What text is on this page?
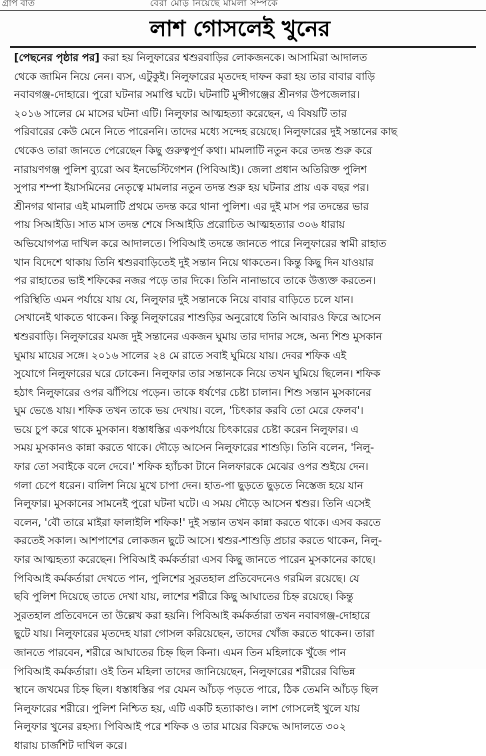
গ্রাপ বার্ত	বেরা মোড় নিয়েছে মামলা সম্পর্কে
লাশ গোসলেই খুনের
[পেছনের পৃষ্ঠার পর] করা হয় নিলুফারের শ্বশুরবাড়ির লোকজনকে। আসামিরা আদালত
থেকে জামিন নিয়ে নেন। ব্যস, এটুকুই। নিলুফারের মৃতদেহ দাফন করা হয় তার বাবার বাড়ি
নবাবগঞ্জ-দোহারে। পুরো ঘটনার সমাপ্তি ঘটে। ঘটনাটি মুন্সীগঞ্জের শ্রীনগর উপজেলার।
২০১৬ সালের মে মাসের ঘটনা এটি। নিলুফার আত্মহত্যা করেছেন, এ বিষয়টি তার
পরিবারের কেউ মেনে নিতে পারেননি। তাদের মধ্যে সন্দেহ রয়েছে। নিলুফারের দুই সন্তানের কাছ
থেকেও তারা জানতে পেরেছেন কিছু গুরুত্বপূর্ণ কথা। মামলাটি নতুন করে তদন্ত শুরু করে
নারায়ণগঞ্জ পুলিশ ব্যুরো অব ইনভেস্টিগেশন (পিবিআই)। জেলা প্রধান অতিরিক্ত পুলিশ
সুপার শম্পা ইয়াসমিনের নেতৃত্বে মামলার নতুন তদন্ত শুরু হয় ঘটনার প্রায় এক বছর পর।
শ্রীনগর থানার এই মামলাটি প্রথমে তদন্ত করে থানা পুলিশ। এর দুই মাস পর তদন্তের ভার
পায় সিআইডি। সাত মাস তদন্ত শেষে সিআইডি প্ররোচিত আত্মহত্যার ৩০৬ ধারায়
অভিযোগপত্র দাখিল করে আদালতে। পিবিআই তদন্তে জানতে পারে নিলুফারের স্বামী রাহাত
খান বিদেশে থাকায় তিনি শ্বশুরবাড়িতেই দুই সন্তান নিয়ে থাকতেন। কিন্তু কিছু দিন যাওয়ার
পর রাহাতের ভাই শফিকের নজর পড়ে তার দিকে। তিনি নানাভাবে তাকে উত্ত্যক্ত করতেন।
পরিস্থিতি এমন পর্যায়ে যায় যে, নিলুফার দুই সন্তানকে নিয়ে বাবার বাড়িতে চলে যান।
সেখানেই থাকতে থাকেন। কিন্তু নিলুফারের শাশুড়ির অনুরোধে তিনি আবারও ফিরে আসেন
শ্বশুরবাড়ি। নিলুফারের যমজ দুই সন্তানের একজন ঘুমায় তার দাদার সঙ্গে, অন্য শিশু মুসকান
ঘুমায় মায়ের সঙ্গে। ২০১৬ সালের ২৪ মে রাতে সবাই ঘুমিয়ে যায়। দেবর শফিক এই
সুযোগে নিলুফারের ঘরে ঢোকেন। নিলুফার তার সন্তানকে নিয়ে তখন ঘুমিয়ে ছিলেন। শফিক
হঠাৎ নিলুফারের ওপর ঝাঁপিয়ে পড়েন। তাকে ধর্ষণের চেষ্টা চালান। শিশু সন্তান মুসকানের
ঘুম ভেঙে যায়। শফিক তখন তাকে ভয় দেখায়। বলে, 'চিৎকার করবি তো মেরে ফেলব'।
ভয়ে চুপ করে থাকে মুসকান। ধস্তাধস্তির একপর্যায়ে চিৎকারের চেষ্টা করেন নিলুফার। এ
সময় মুসকানও কান্না করতে থাকে। দৌড়ে আসেন নিলুফারের শাশুড়ি। তিনি বলেন, 'নিলু-
ফার তো সবাইকে বলে দেবে।' শফিক হ্যাঁচকা টানে নিলফারকে মেঝের ওপর শুইয়ে দেন।
গলা চেপে ধরেন। বালিশ নিয়ে মুখে চাপা দেন। হাত-পা ছুড়তে ছুড়তে নিস্তেজ হয়ে যান
নিলুফার। মুসকানের সামনেই পুরো ঘটনা ঘটে। এ সময় দৌড়ে আসেন শ্বশুর। তিনি এসেই
বলেন, 'বৌ তারে মাইরা ফালাইলি শফিক!' দুই সন্তান তখন কান্না করতে থাকে। এসব করতে
করতেই সকাল। আশপাশের লোকজন ছুটে আসে। শ্বশুর-শাশুড়ি প্রচার করতে থাকেন, নিলু-
ফার আত্মহত্যা করেছেন। পিবিআই কর্মকর্তারা এসব কিছু জানতে পারেন মুসকানের কাছে।
পিবিআই কর্মকর্তারা দেখতে পান, পুলিশের সুরতহাল প্রতিবেদনেও গরমিল রয়েছে। যে
ছবি পুলিশ দিয়েছে তাতে দেখা যায়, লাশের শরীরে কিছু আঘাতের চিহ্ন রয়েছে। কিন্তু
সুরতহাল প্রতিবেদনে তা উল্লেখ করা হয়নি। পিবিআই কর্মকর্তারা তখন নবাবগঞ্জ-দোহারে
ছুটে যায়। নিলুফারের মৃতদেহ যারা গোসল করিয়েছেন, তাদের খোঁজ করতে থাকেন। তারা
জানতে পারবেন, শরীরে আঘাতের চিহ্ন ছিল কিনা। এমন তিন মহিলাকে খুঁজে পান
পিবিআই কর্মকর্তারা। ওই তিন মহিলা তাদের জানিয়েছেন, নিলুফারের শরীরের বিভিন্ন
স্থানে জখমের চিহ্ন ছিল। ধস্তাধস্তির পর যেমন আঁচড় পড়তে পারে, ঠিক তেমনি আঁচড় ছিল
নিলুফারের শরীরে। পুলিশ নিশ্চিত হয়, এটি একটি হত্যাকাণ্ড। লাশ গোসলেই খুলে যায়
নিলুফার খুনের রহস্য। পিবিআই পরে শফিক ও তার মায়ের বিরুদ্ধে আদালতে ৩০২
ধারায় চার্জশিট দাখিল করে।
